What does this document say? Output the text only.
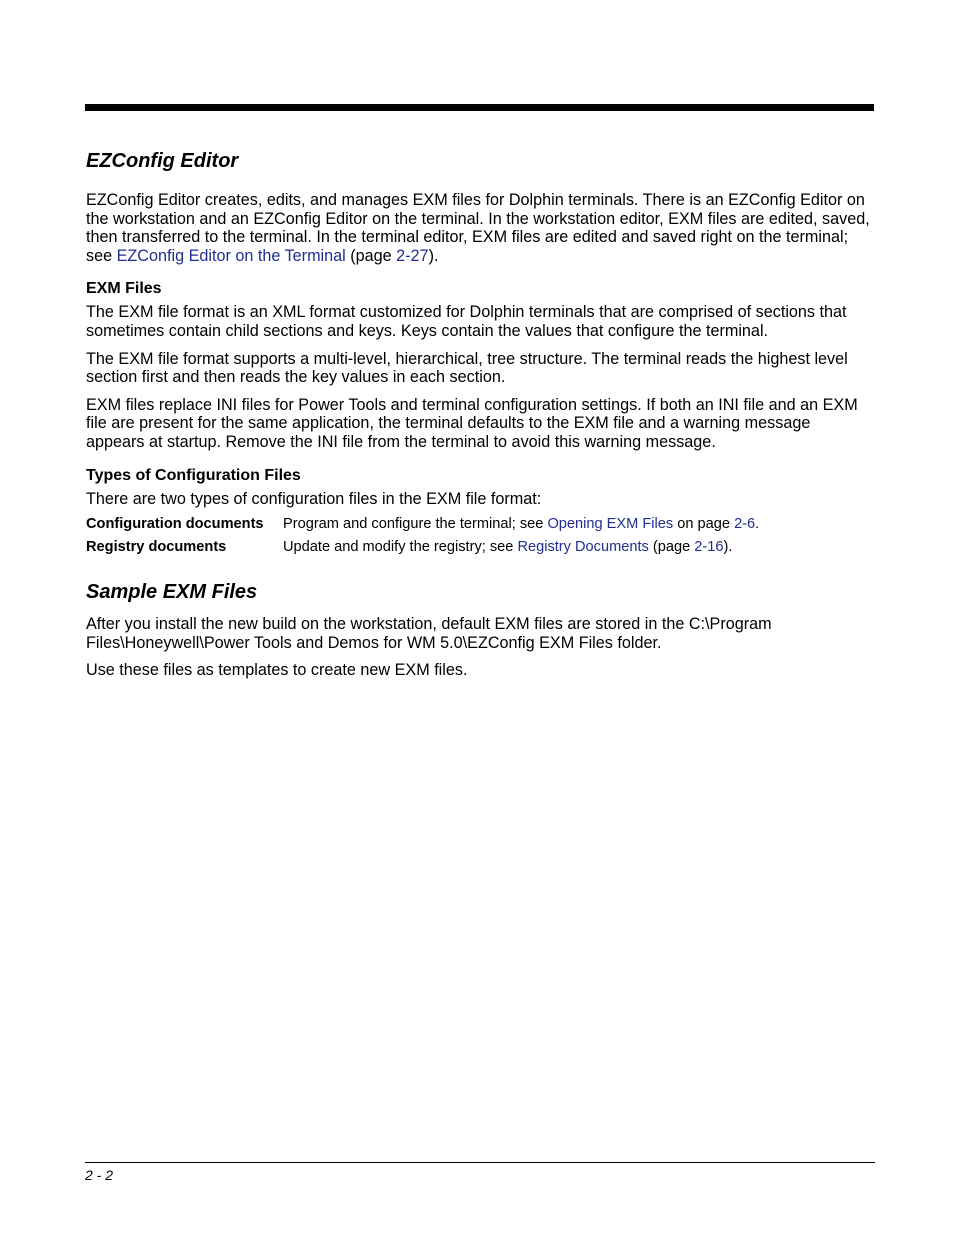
EZConfig Editor

EZConfig Editor creates, edits, and manages EXM files for Dolphin terminals. There is an EZConfig Editor on the workstation and an EZConfig Editor on the terminal. In the workstation editor, EXM files are edited, saved, then transferred to the terminal. In the terminal editor, EXM files are edited and saved right on the terminal; see EZConfig Editor on the Terminal (page 2-27).

EXM Files

The EXM file format is an XML format customized for Dolphin terminals that are comprised of sections that sometimes contain child sections and keys. Keys contain the values that configure the terminal.

The EXM file format supports a multi-level, hierarchical, tree structure. The terminal reads the highest level section first and then reads the key values in each section.

EXM files replace INI files for Power Tools and terminal configuration settings. If both an INI file and an EXM file are present for the same application, the terminal defaults to the EXM file and a warning message appears at startup. Remove the INI file from the terminal to avoid this warning message.

Types of Configuration Files

There are two types of configuration files in the EXM file format:

Configuration documents	Program and configure the terminal; see Opening EXM Files on page 2-6.
Registry documents	Update and modify the registry; see Registry Documents (page 2-16).
Sample EXM Files

After you install the new build on the workstation, default EXM files are stored in the C:\Program Files\Honeywell\Power Tools and Demos for WM 5.0\EZConfig EXM Files folder.

Use these files as templates to create new EXM files.

2 - 2
